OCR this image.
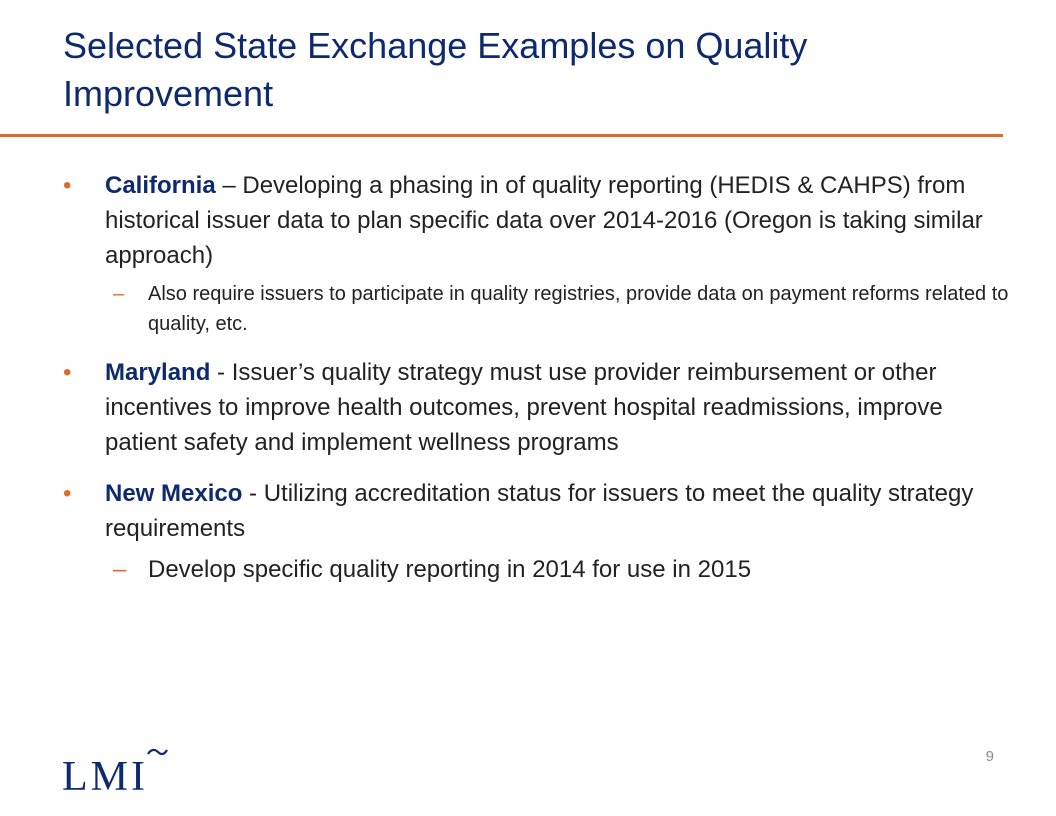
Selected State Exchange Examples on Quality Improvement
•	California – Developing a phasing in of quality reporting (HEDIS & CAHPS) from historical issuer data to plan specific data over 2014-2016 (Oregon is taking similar approach)
– Also require issuers to participate in quality registries, provide data on payment reforms related to quality, etc.
•	Maryland - Issuer’s quality strategy must use provider reimbursement or other incentives to improve health outcomes, prevent hospital readmissions, improve patient safety and implement wellness programs
•	New Mexico - Utilizing accreditation status for issuers to meet the quality strategy requirements
– Develop specific quality reporting in 2014 for use in 2015
LMI	9
